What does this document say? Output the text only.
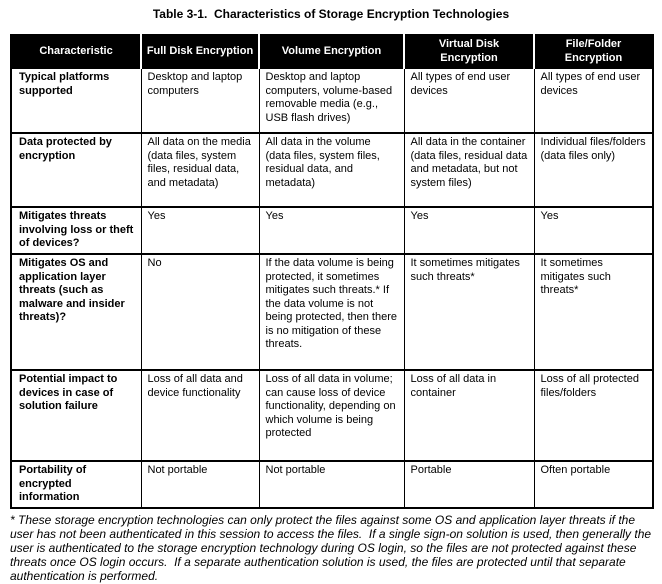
Table 3-1.  Characteristics of Storage Encryption Technologies
Characteristic	Full Disk Encryption	Volume Encryption	Virtual Disk Encryption	File/Folder Encryption
Typical platforms supported	Desktop and laptop computers	Desktop and laptop computers, volume-based removable media (e.g., USB flash drives)	All types of end user devices	All types of end user devices
Data protected by encryption	All data on the media (data files, system files, residual data, and metadata)	All data in the volume (data files, system files, residual data, and metadata)	All data in the container (data files, residual data and metadata, but not system files)	Individual files/folders (data files only)
Mitigates threats involving loss or theft of devices?	Yes	Yes	Yes	Yes
Mitigates OS and application layer threats (such as malware and insider threats)?	No	If the data volume is being protected, it sometimes mitigates such threats.* If the data volume is not being protected, then there is no mitigation of these threats.	It sometimes mitigates such threats*	It sometimes mitigates such threats*
Potential impact to devices in case of solution failure	Loss of all data and device functionality	Loss of all data in volume; can cause loss of device functionality, depending on which volume is being protected	Loss of all data in container	Loss of all protected files/folders
Portability of encrypted information	Not portable	Not portable	Portable	Often portable

* These storage encryption technologies can only protect the files against some OS and application layer threats if the user has not been authenticated in this session to access the files.  If a single sign-on solution is used, then generally the user is authenticated to the storage encryption technology during OS login, so the files are not protected against these threats once OS login occurs.  If a separate authentication solution is used, the files are protected until that separate authentication is performed.
